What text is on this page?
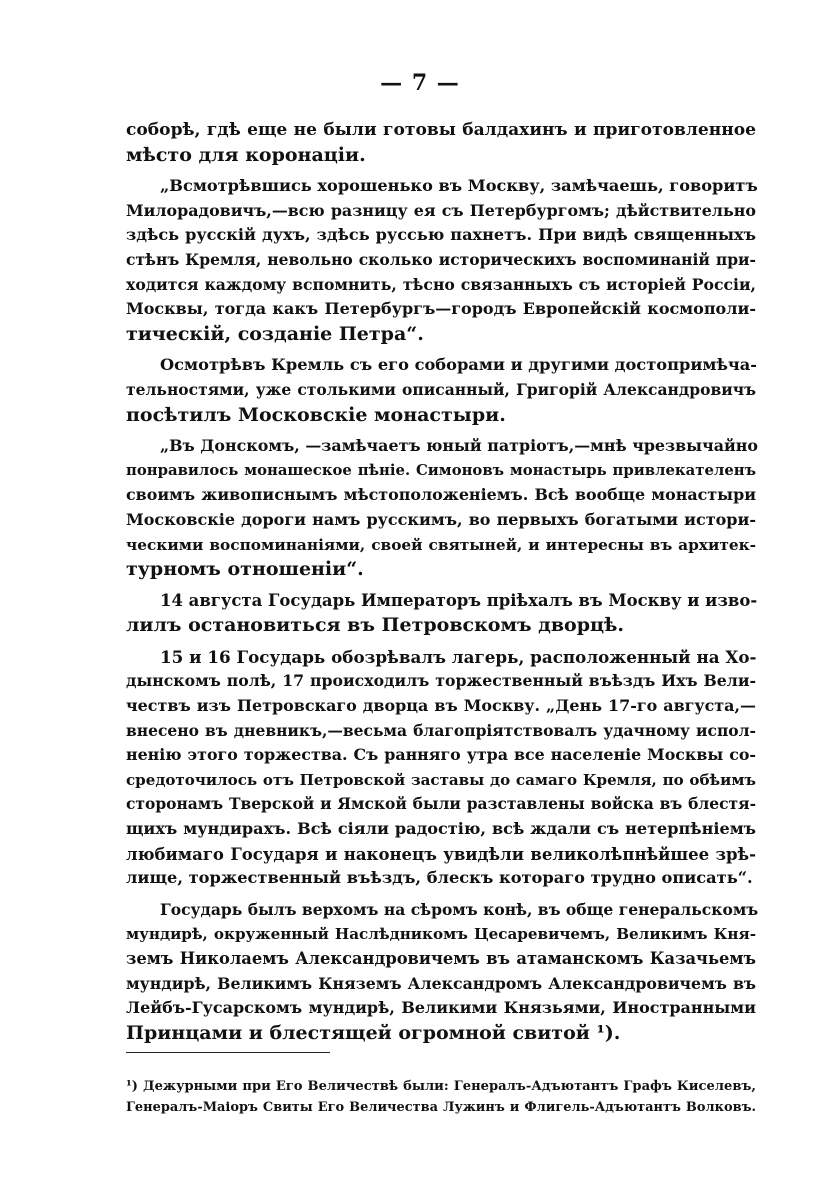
— 7 —
соборѣ, гдѣ еще не были готовы балдахинъ и приготовленное
мѣсто для коронаціи.
„Всмотрѣвшись хорошенько въ Москву, замѣчаешь, говоритъ
Милорадовичъ,—всю разницу ея съ Петербургомъ; дѣйствительно
здѣсь русскій духъ, здѣсь руссью пахнетъ. При видѣ священныхъ
стѣнъ Кремля, невольно сколько историческихъ воспоминаній при-
ходится каждому вспомнить, тѣсно связанныхъ съ исторіей Россіи,
Москвы, тогда какъ Петербургъ—городъ Европейскій космополи-
тическій, созданіе Петра“.
Осмотрѣвъ Кремль съ его соборами и другими достопримѣча-
тельностями, уже столькими описанный, Григорій Александровичъ
посѣтилъ Московскіе монастыри.
„Въ Донскомъ, —замѣчаетъ юный патріотъ,—мнѣ чрезвычайно
понравилось монашеское пѣніе. Симоновъ монастырь привлекателенъ
своимъ живописнымъ мѣстоположеніемъ. Всѣ вообще монастыри
Московскіе дороги намъ русскимъ, во первыхъ богатыми истори-
ческими воспоминаніями, своей святыней, и интересны въ архитек-
турномъ отношеніи“.
14 августа Государь Императоръ пріѣхалъ въ Москву и изво-
лилъ остановиться въ Петровскомъ дворцѣ.
15 и 16 Государь обозрѣвалъ лагерь, расположенный на Хо-
дынскомъ полѣ, 17 происходилъ торжественный въѣздъ Ихъ Вели-
чествъ изъ Петровскаго дворца въ Москву. „День 17-го августа,—
внесено въ дневникъ,—весьма благопріятствовалъ удачному испол-
ненію этого торжества. Съ ранняго утра все населеніе Москвы со-
средоточилось отъ Петровской заставы до самаго Кремля, по обѣимъ
сторонамъ Тверской и Ямской были разставлены войска въ блестя-
щихъ мундирахъ. Всѣ сіяли радостію, всѣ ждали съ нетерпѣніемъ
любимаго Государя и наконецъ увидѣли великолѣпнѣйшее зрѣ-
лище, торжественный въѣздъ, блескъ котораго трудно описать“.
Государь былъ верхомъ на сѣромъ конѣ, въ общe генеральскомъ
мундирѣ, окруженный Наслѣдникомъ Цесаревичемъ, Великимъ Кня-
земъ Николаемъ Александровичемъ въ атаманскомъ Казачьемъ
мундирѣ, Великимъ Княземъ Александромъ Александровичемъ въ
Лейбъ-Гусарскомъ мундирѣ, Великими Князьями, Иностранными
Принцами и блестящей огромной свитой ¹).
¹) Дежурными при Его Величествѣ были: Генералъ-Адъютантъ Графъ Киселевъ,
Генералъ-Маіоръ Свиты Его Величества Лужинъ и Флигель-Адъютантъ Волковъ.
